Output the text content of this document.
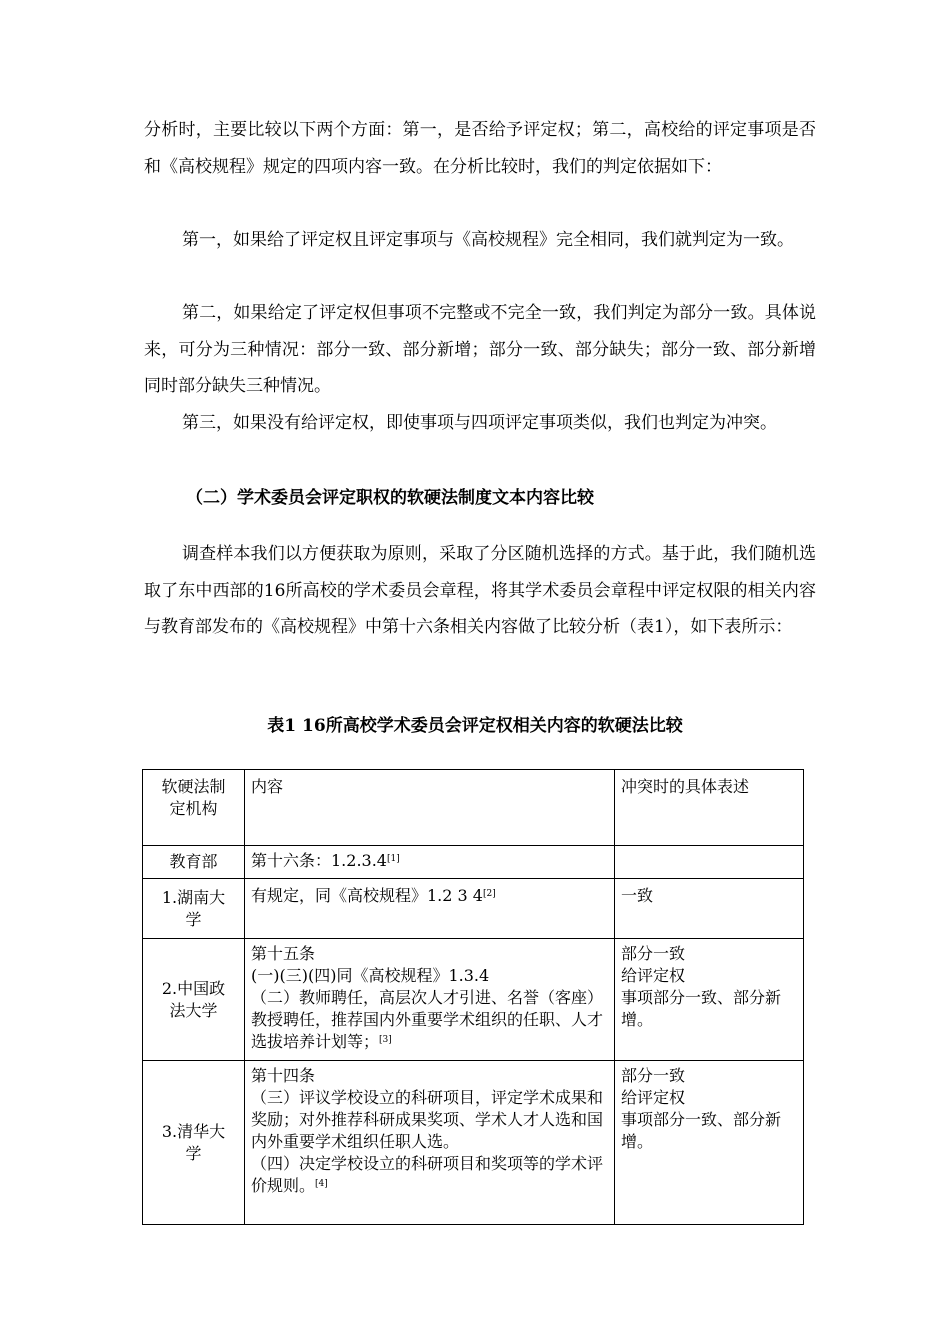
分析时，主要比较以下两个方面：第一，是否给予评定权；第二，高校给的评定事项是否和《高校规程》规定的四项内容一致。在分析比较时，我们的判定依据如下：

第一，如果给了评定权且评定事项与《高校规程》完全相同，我们就判定为一致。

第二，如果给定了评定权但事项不完整或不完全一致，我们判定为部分一致。具体说来，可分为三种情况：部分一致、部分新增；部分一致、部分缺失；部分一致、部分新增同时部分缺失三种情况。

第三，如果没有给评定权，即使事项与四项评定事项类似，我们也判定为冲突。

（二）学术委员会评定职权的软硬法制度文本内容比较

调查样本我们以方便获取为原则，采取了分区随机选择的方式。基于此，我们随机选取了东中西部的16所高校的学术委员会章程，将其学术委员会章程中评定权限的相关内容与教育部发布的《高校规程》中第十六条相关内容做了比较分析（表1），如下表所示：

表1 16所高校学术委员会评定权相关内容的软硬法比较

软硬法制定机构	内容	冲突时的具体表述
教育部	第十六条：1.2.3.4[1]	
1.湖南大学	有规定，同《高校规程》1.2 3 4[2]	一致
2.中国政法大学	第十五条
(一)(三)(四)同《高校规程》1.3.4
（二）教师聘任，高层次人才引进、名誉（客座）教授聘任，推荐国内外重要学术组织的任职、人才选拔培养计划等；[3]	部分一致
给评定权
事项部分一致、部分新增。

3.清华大学	第十四条
（三）评议学校设立的科研项目，评定学术成果和奖励；对外推荐科研成果奖项、学术人才人选和国内外重要学术组织任职人选。
（四）决定学校设立的科研项目和奖项等的学术评价规则。[4]	部分一致
给评定权
事项部分一致、部分新增。
